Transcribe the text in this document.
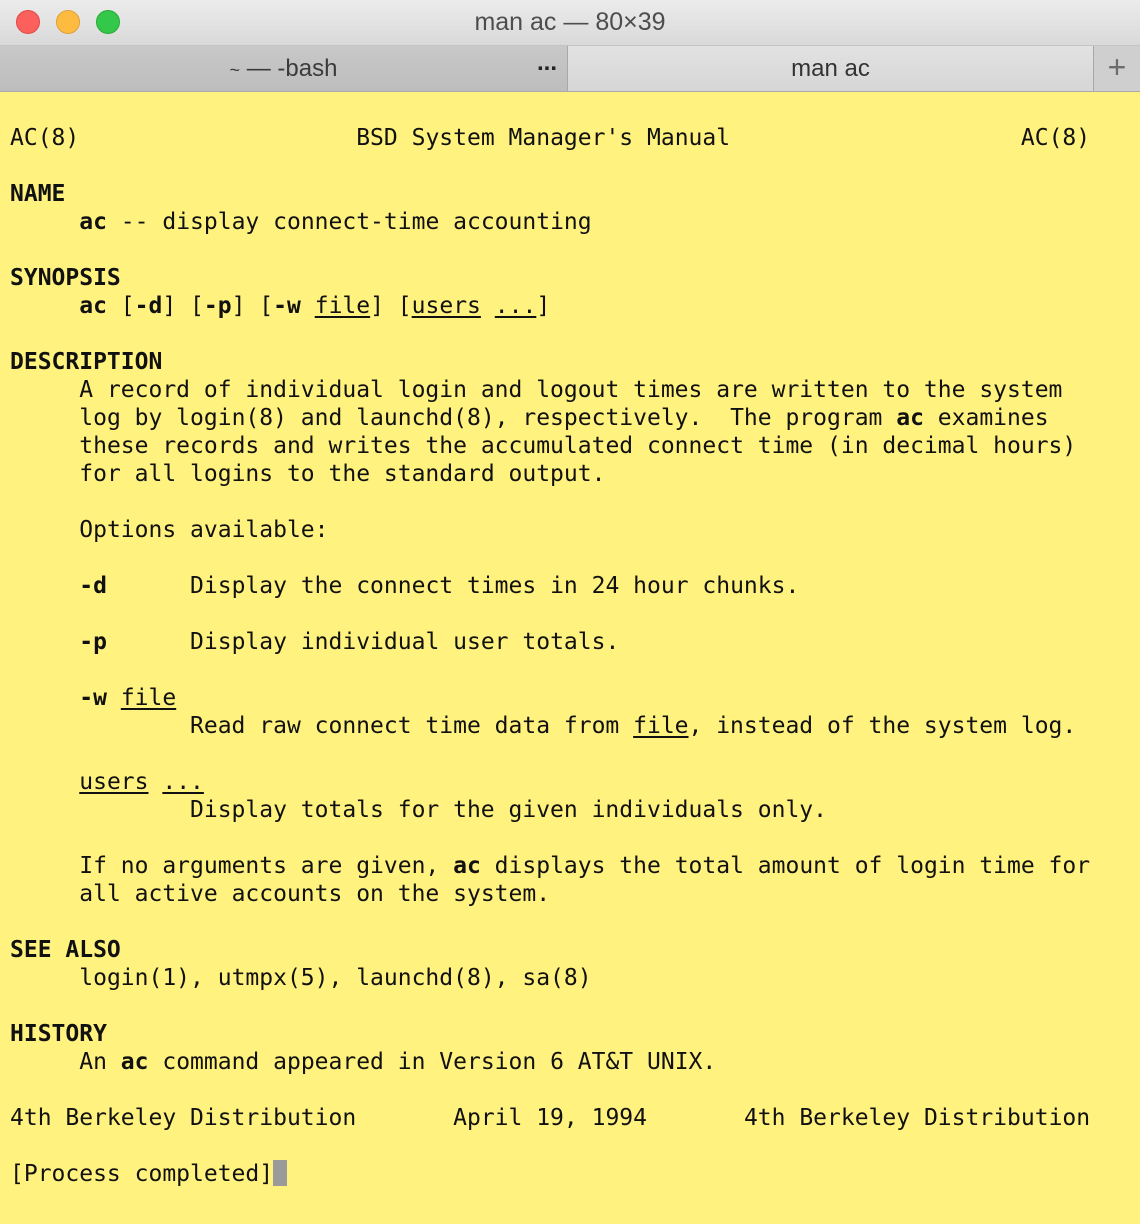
man ac — 80×39
~ — -bash	...	man ac	+
AC(8)	BSD System Manager's Manual	AC(8)

NAME
ac -- display connect-time accounting

SYNOPSIS
ac [-d] [-p] [-w file] [users ...]

DESCRIPTION
A record of individual login and logout times are written to the system
log by login(8) and launchd(8), respectively.  The program ac examines
these records and writes the accumulated connect time (in decimal hours)
for all logins to the standard output.

Options available:

-d	Display the connect times in 24 hour chunks.

-p	Display individual user totals.

-w file
Read raw connect time data from file, instead of the system log.

users ...
Display totals for the given individuals only.

If no arguments are given, ac displays the total amount of login time for
all active accounts on the system.

SEE ALSO
login(1), utmpx(5), launchd(8), sa(8)

HISTORY
An ac command appeared in Version 6 AT&T UNIX.

4th Berkeley Distribution	April 19, 1994	4th Berkeley Distribution

[Process completed]
